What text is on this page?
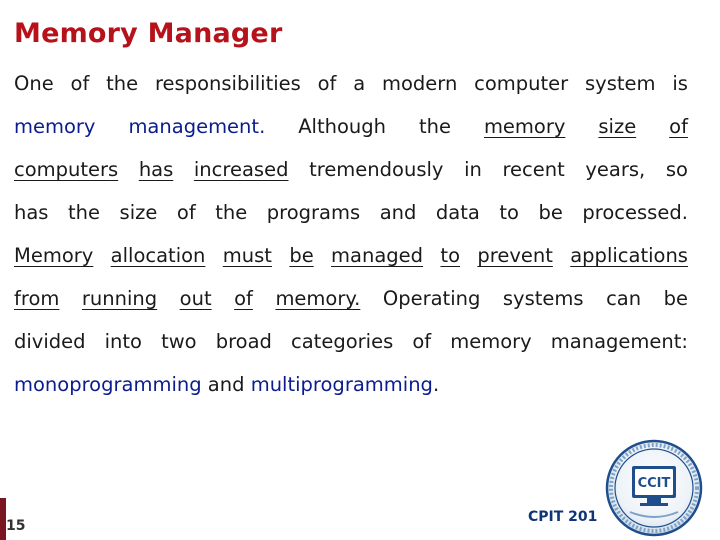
Memory Manager
One of the responsibilities of a modern computer system is
memory management. Although the memory size of
computers has increased tremendously in recent years, so
has the size of the programs and data to be processed.
Memory allocation must be managed to prevent applications
from running out of memory. Operating systems can be
divided into two broad categories of memory management:
monoprogramming and multiprogramming.
15
CPIT 201
CCIT
